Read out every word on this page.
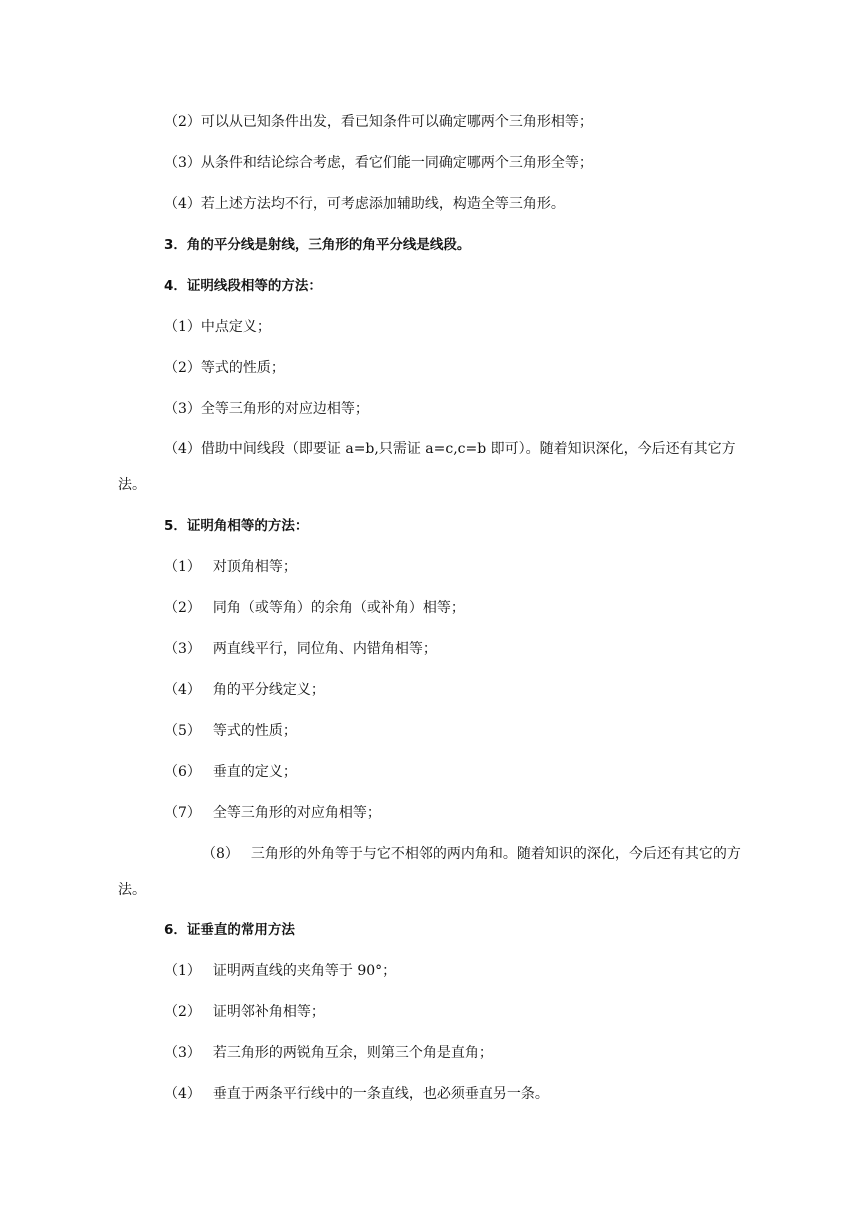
（2）可以从已知条件出发，看已知条件可以确定哪两个三角形相等；
（3）从条件和结论综合考虑，看它们能一同确定哪两个三角形全等；
（4）若上述方法均不行，可考虑添加辅助线，构造全等三角形。
3．角的平分线是射线，三角形的角平分线是线段。
4．证明线段相等的方法：
（1）中点定义；
（2）等式的性质；
（3）全等三角形的对应边相等；
（4）借助中间线段（即要证 a=b,只需证 a=c,c=b 即可）。随着知识深化，今后还有其它方法。
5．证明角相等的方法：
（1） 对顶角相等；
（2） 同角（或等角）的余角（或补角）相等；
（3） 两直线平行，同位角、内错角相等；
（4） 角的平分线定义；
（5） 等式的性质；
（6） 垂直的定义；
（7） 全等三角形的对应角相等；
（8） 三角形的外角等于与它不相邻的两内角和。随着知识的深化，今后还有其它的方法。
6．证垂直的常用方法
（1） 证明两直线的夹角等于 90°；
（2） 证明邻补角相等；
（3） 若三角形的两锐角互余，则第三个角是直角；
（4） 垂直于两条平行线中的一条直线，也必须垂直另一条。
